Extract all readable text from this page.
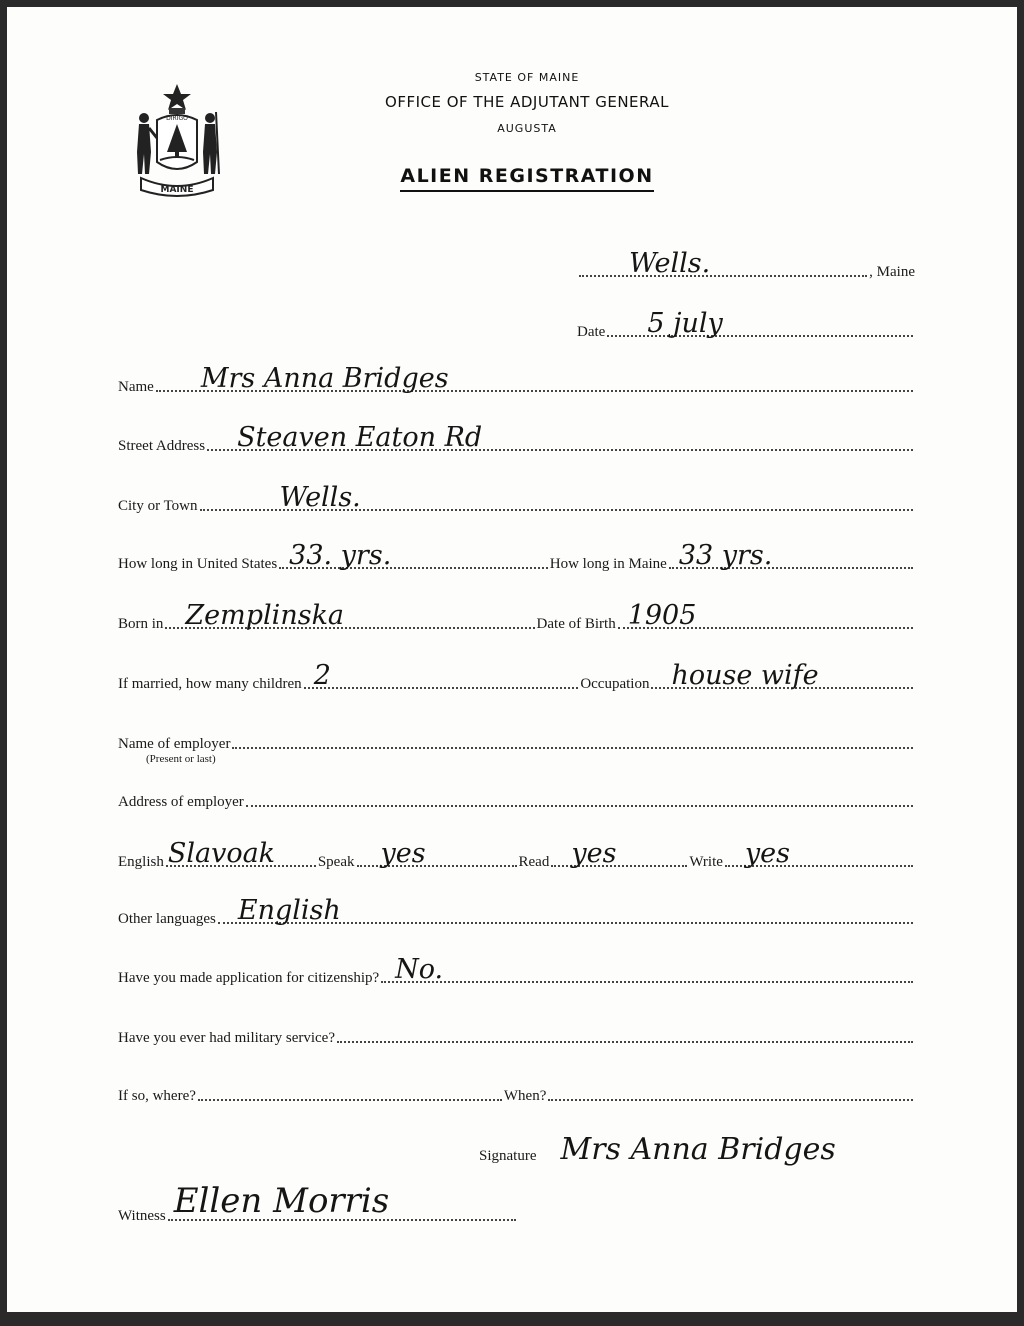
MAINE
DIRIGO
STATE OF MAINE
OFFICE OF THE ADJUTANT GENERAL
AUGUSTA
ALIEN REGISTRATION
Wells.	, Maine
Date 5 july
Name Mrs Anna Bridges
Street Address Steaven Eaton Rd
City or Town	Wells.
How long in United States 33. yrs.	How long in Maine 33 yrs.
Born in Zemplinska	Date of Birth 1905
If married, how many children 2	Occupation house wife
Name of employer
(Present or last)
Address of employer
English Slavoak	Speak yes	Read yes	Write yes
Other languages English
Have you made application for citizenship? No.
Have you ever had military service?
If so, where?	When?
Signature Mrs Anna Bridges
Witness Ellen Morris
